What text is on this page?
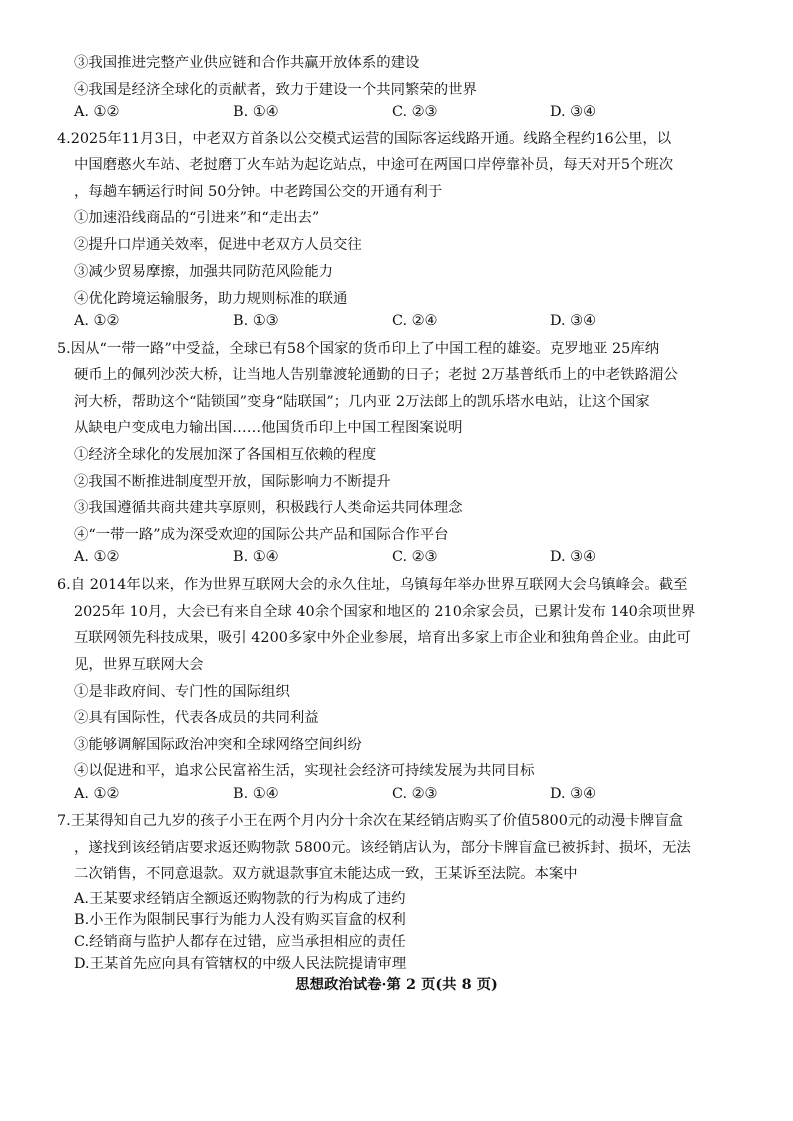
③我国推进完整产业供应链和合作共赢开放体系的建设
④我国是经济全球化的贡献者，致力于建设一个共同繁荣的世界
A. ①②	B. ①④	C. ②③	D. ③④
4.2025年11月3日，中老双方首条以公交模式运营的国际客运线路开通。线路全程约16公里，以
中国磨憨火车站、老挝磨丁火车站为起讫站点，中途可在两国口岸停靠补员，每天对开5个班次
，每趟车辆运行时间 50分钟。中老跨国公交的开通有利于
①加速沿线商品的“引进来”和“走出去”
②提升口岸通关效率，促进中老双方人员交往
③减少贸易摩擦，加强共同防范风险能力
④优化跨境运输服务，助力规则标准的联通
A. ①②	B. ①③	C. ②④	D. ③④
5.因从“一带一路”中受益，全球已有58个国家的货币印上了中国工程的雄姿。克罗地亚 25库纳
硬币上的佩列沙茨大桥，让当地人告别靠渡轮通勤的日子；老挝 2万基普纸币上的中老铁路湄公
河大桥，帮助这个“陆锁国”变身“陆联国”；几内亚 2万法郎上的凯乐塔水电站，让这个国家
从缺电户变成电力输出国……他国货币印上中国工程图案说明
①经济全球化的发展加深了各国相互依赖的程度
②我国不断推进制度型开放，国际影响力不断提升
③我国遵循共商共建共享原则，积极践行人类命运共同体理念
④“一带一路”成为深受欢迎的国际公共产品和国际合作平台
A. ①②	B. ①④	C. ②③	D. ③④
6.自 2014年以来，作为世界互联网大会的永久住址，乌镇每年举办世界互联网大会乌镇峰会。截至
2025年 10月，大会已有来自全球 40余个国家和地区的 210余家会员，已累计发布 140余项世界
互联网领先科技成果，吸引 4200多家中外企业参展，培育出多家上市企业和独角兽企业。由此可
见，世界互联网大会
①是非政府间、专门性的国际组织
②具有国际性，代表各成员的共同利益
③能够调解国际政治冲突和全球网络空间纠纷
④以促进和平，追求公民富裕生活，实现社会经济可持续发展为共同目标
A. ①②	B. ①④	C. ②③	D. ③④
7.王某得知自己九岁的孩子小王在两个月内分十余次在某经销店购买了价值5800元的动漫卡牌盲盒
，遂找到该经销店要求返还购物款 5800元。该经销店认为，部分卡牌盲盒已被拆封、损坏，无法
二次销售，不同意退款。双方就退款事宜未能达成一致，王某诉至法院。本案中
A.王某要求经销店全额返还购物款的行为构成了违约
B.小王作为限制民事行为能力人没有购买盲盒的权利
C.经销商与监护人都存在过错，应当承担相应的责任
D.王某首先应向具有管辖权的中级人民法院提请审理
思想政治试卷·第 2 页(共 8 页)
